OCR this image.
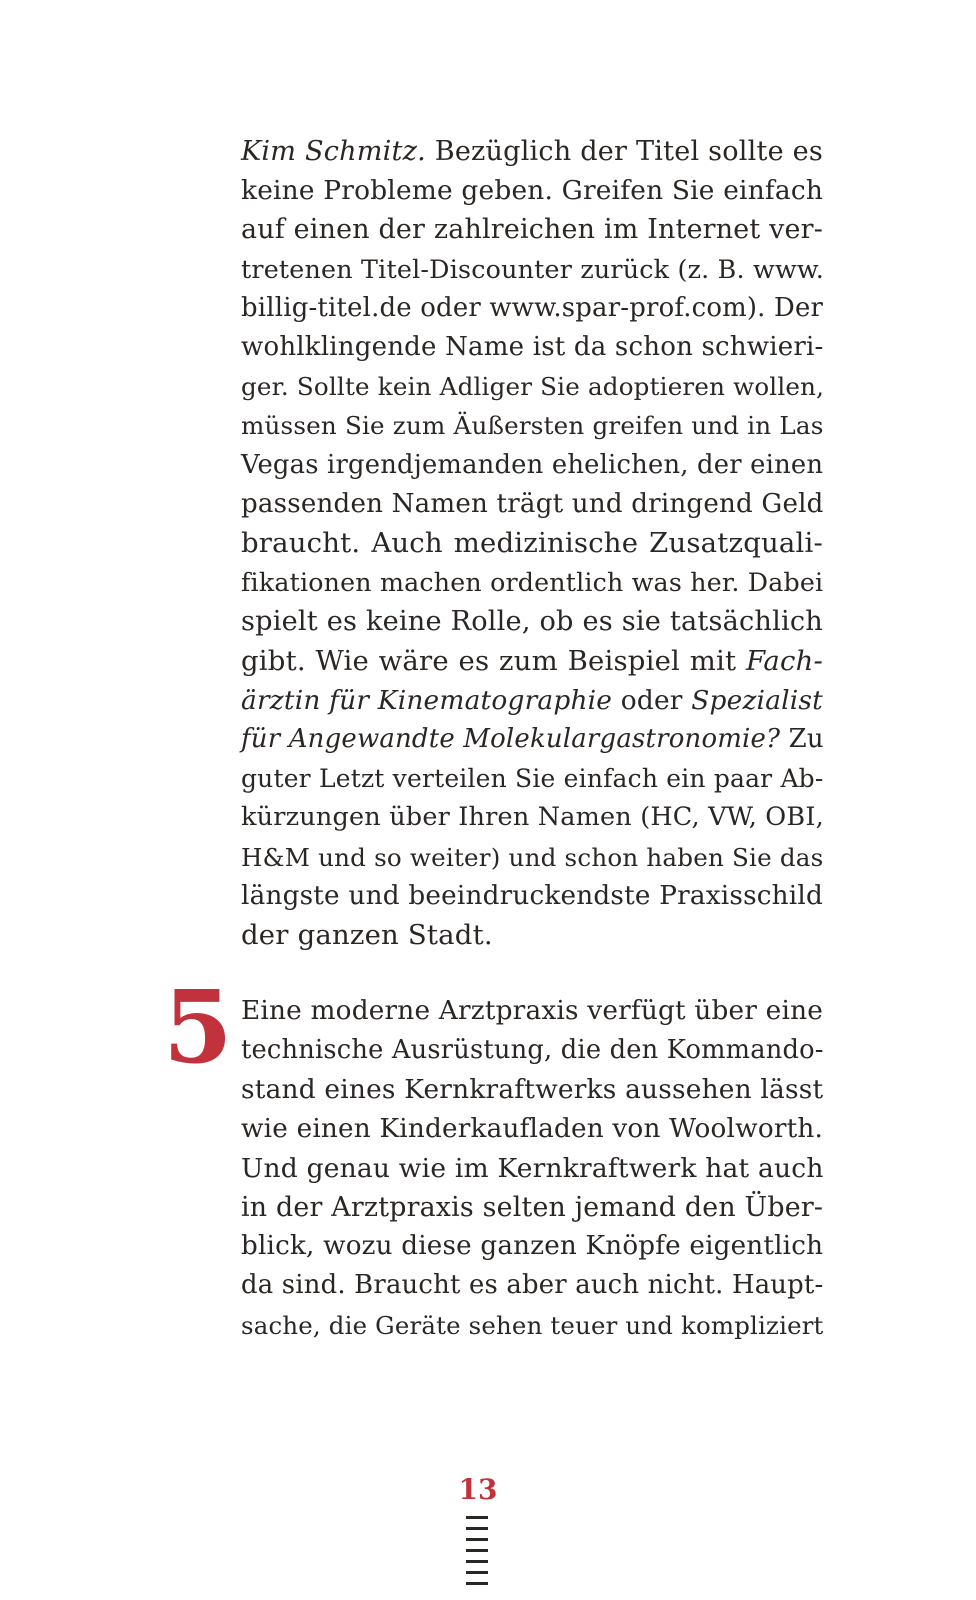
Kim Schmitz. Bezüglich der Titel sollte es
keine Probleme geben. Greifen Sie einfach
auf einen der zahlreichen im Internet ver-
tretenen Titel-Discounter zurück (z. B. www.
billig-titel.de oder www.spar-prof.com). Der
wohlklingende Name ist da schon schwieri-
ger. Sollte kein Adliger Sie adoptieren wollen,
müssen Sie zum Äußersten greifen und in Las
Vegas irgendjemanden ehelichen, der einen
passenden Namen trägt und dringend Geld
braucht. Auch medizinische Zusatzquali-
fikationen machen ordentlich was her. Dabei
spielt es keine Rolle, ob es sie tatsächlich
gibt. Wie wäre es zum Beispiel mit Fach-
ärztin für Kinematographie oder Spezialist
für Angewandte Molekulargastronomie? Zu
guter Letzt verteilen Sie einfach ein paar Ab-
kürzungen über Ihren Namen (HC, VW, OBI,
H&M und so weiter) und schon haben Sie das
längste und beeindruckendste Praxisschild
der ganzen Stadt.
5 Eine moderne Arztpraxis verfügt über eine
technische Ausrüstung, die den Kommando-
stand eines Kernkraftwerks aussehen lässt
wie einen Kinderkaufladen von Woolworth.
Und genau wie im Kernkraftwerk hat auch
in der Arztpraxis selten jemand den Über-
blick, wozu diese ganzen Knöpfe eigentlich
da sind. Braucht es aber auch nicht. Haupt-
sache, die Geräte sehen teuer und kompliziert
13
